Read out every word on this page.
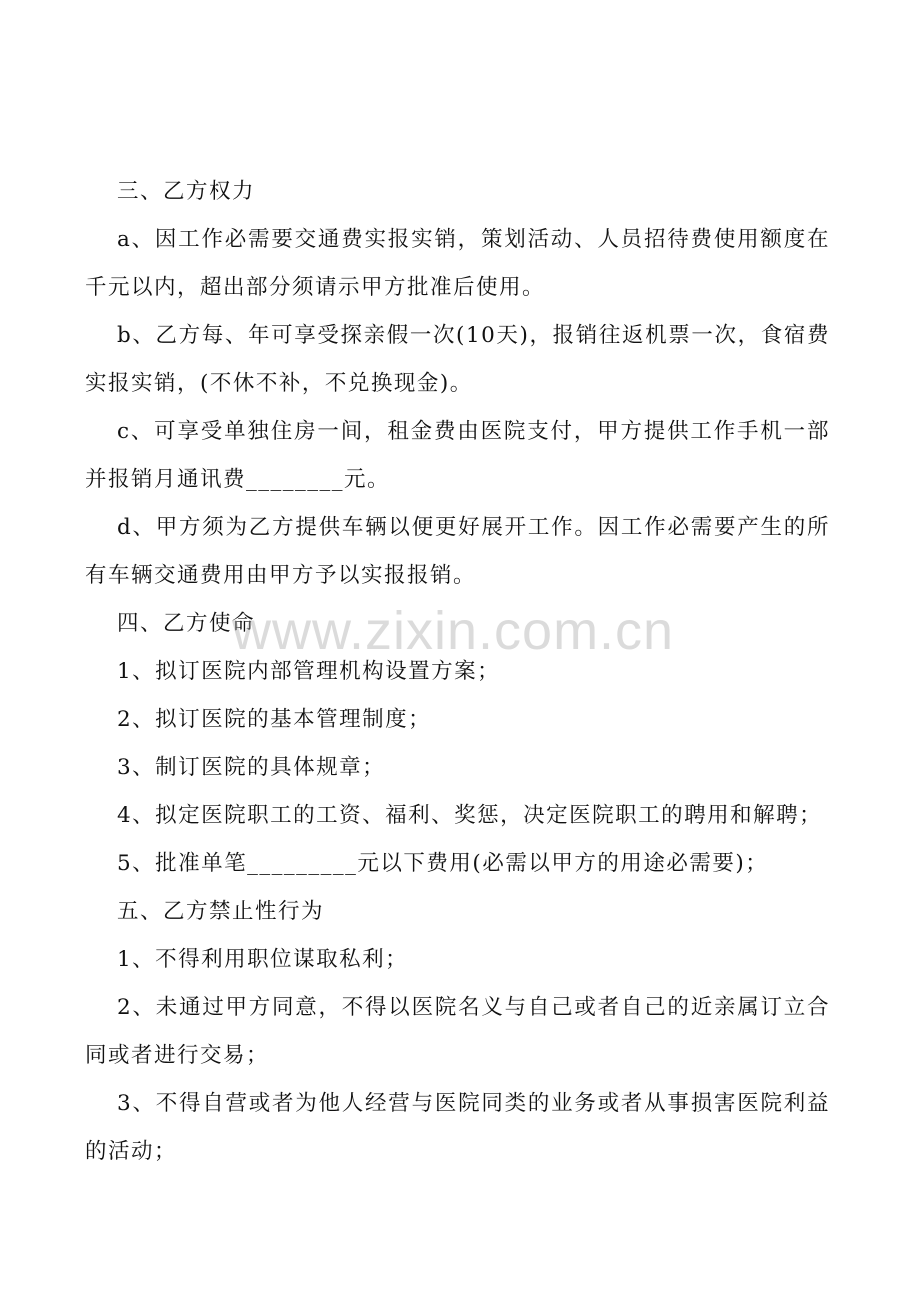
三、乙方权力

a、因工作必需要交通费实报实销，策划活动、人员招待费使用额度在千元以内，超出部分须请示甲方批准后使用。

b、乙方每、年可享受探亲假一次(10天)，报销往返机票一次，食宿费实报实销，(不休不补，不兑换现金)。

c、可享受单独住房一间，租金费由医院支付，甲方提供工作手机一部并报销月通讯费________元。

d、甲方须为乙方提供车辆以便更好展开工作。因工作必需要产生的所有车辆交通费用由甲方予以实报报销。

四、乙方使命

1、拟订医院内部管理机构设置方案；

2、拟订医院的基本管理制度；

3、制订医院的具体规章；

4、拟定医院职工的工资、福利、奖惩，决定医院职工的聘用和解聘；

5、批准单笔_________元以下费用(必需以甲方的用途必需要)；

五、乙方禁止性行为

1、不得利用职位谋取私利；

2、未通过甲方同意，不得以医院名义与自己或者自己的近亲属订立合同或者进行交易；

3、不得自营或者为他人经营与医院同类的业务或者从事损害医院利益的活动；

www.zixin.com.cn
